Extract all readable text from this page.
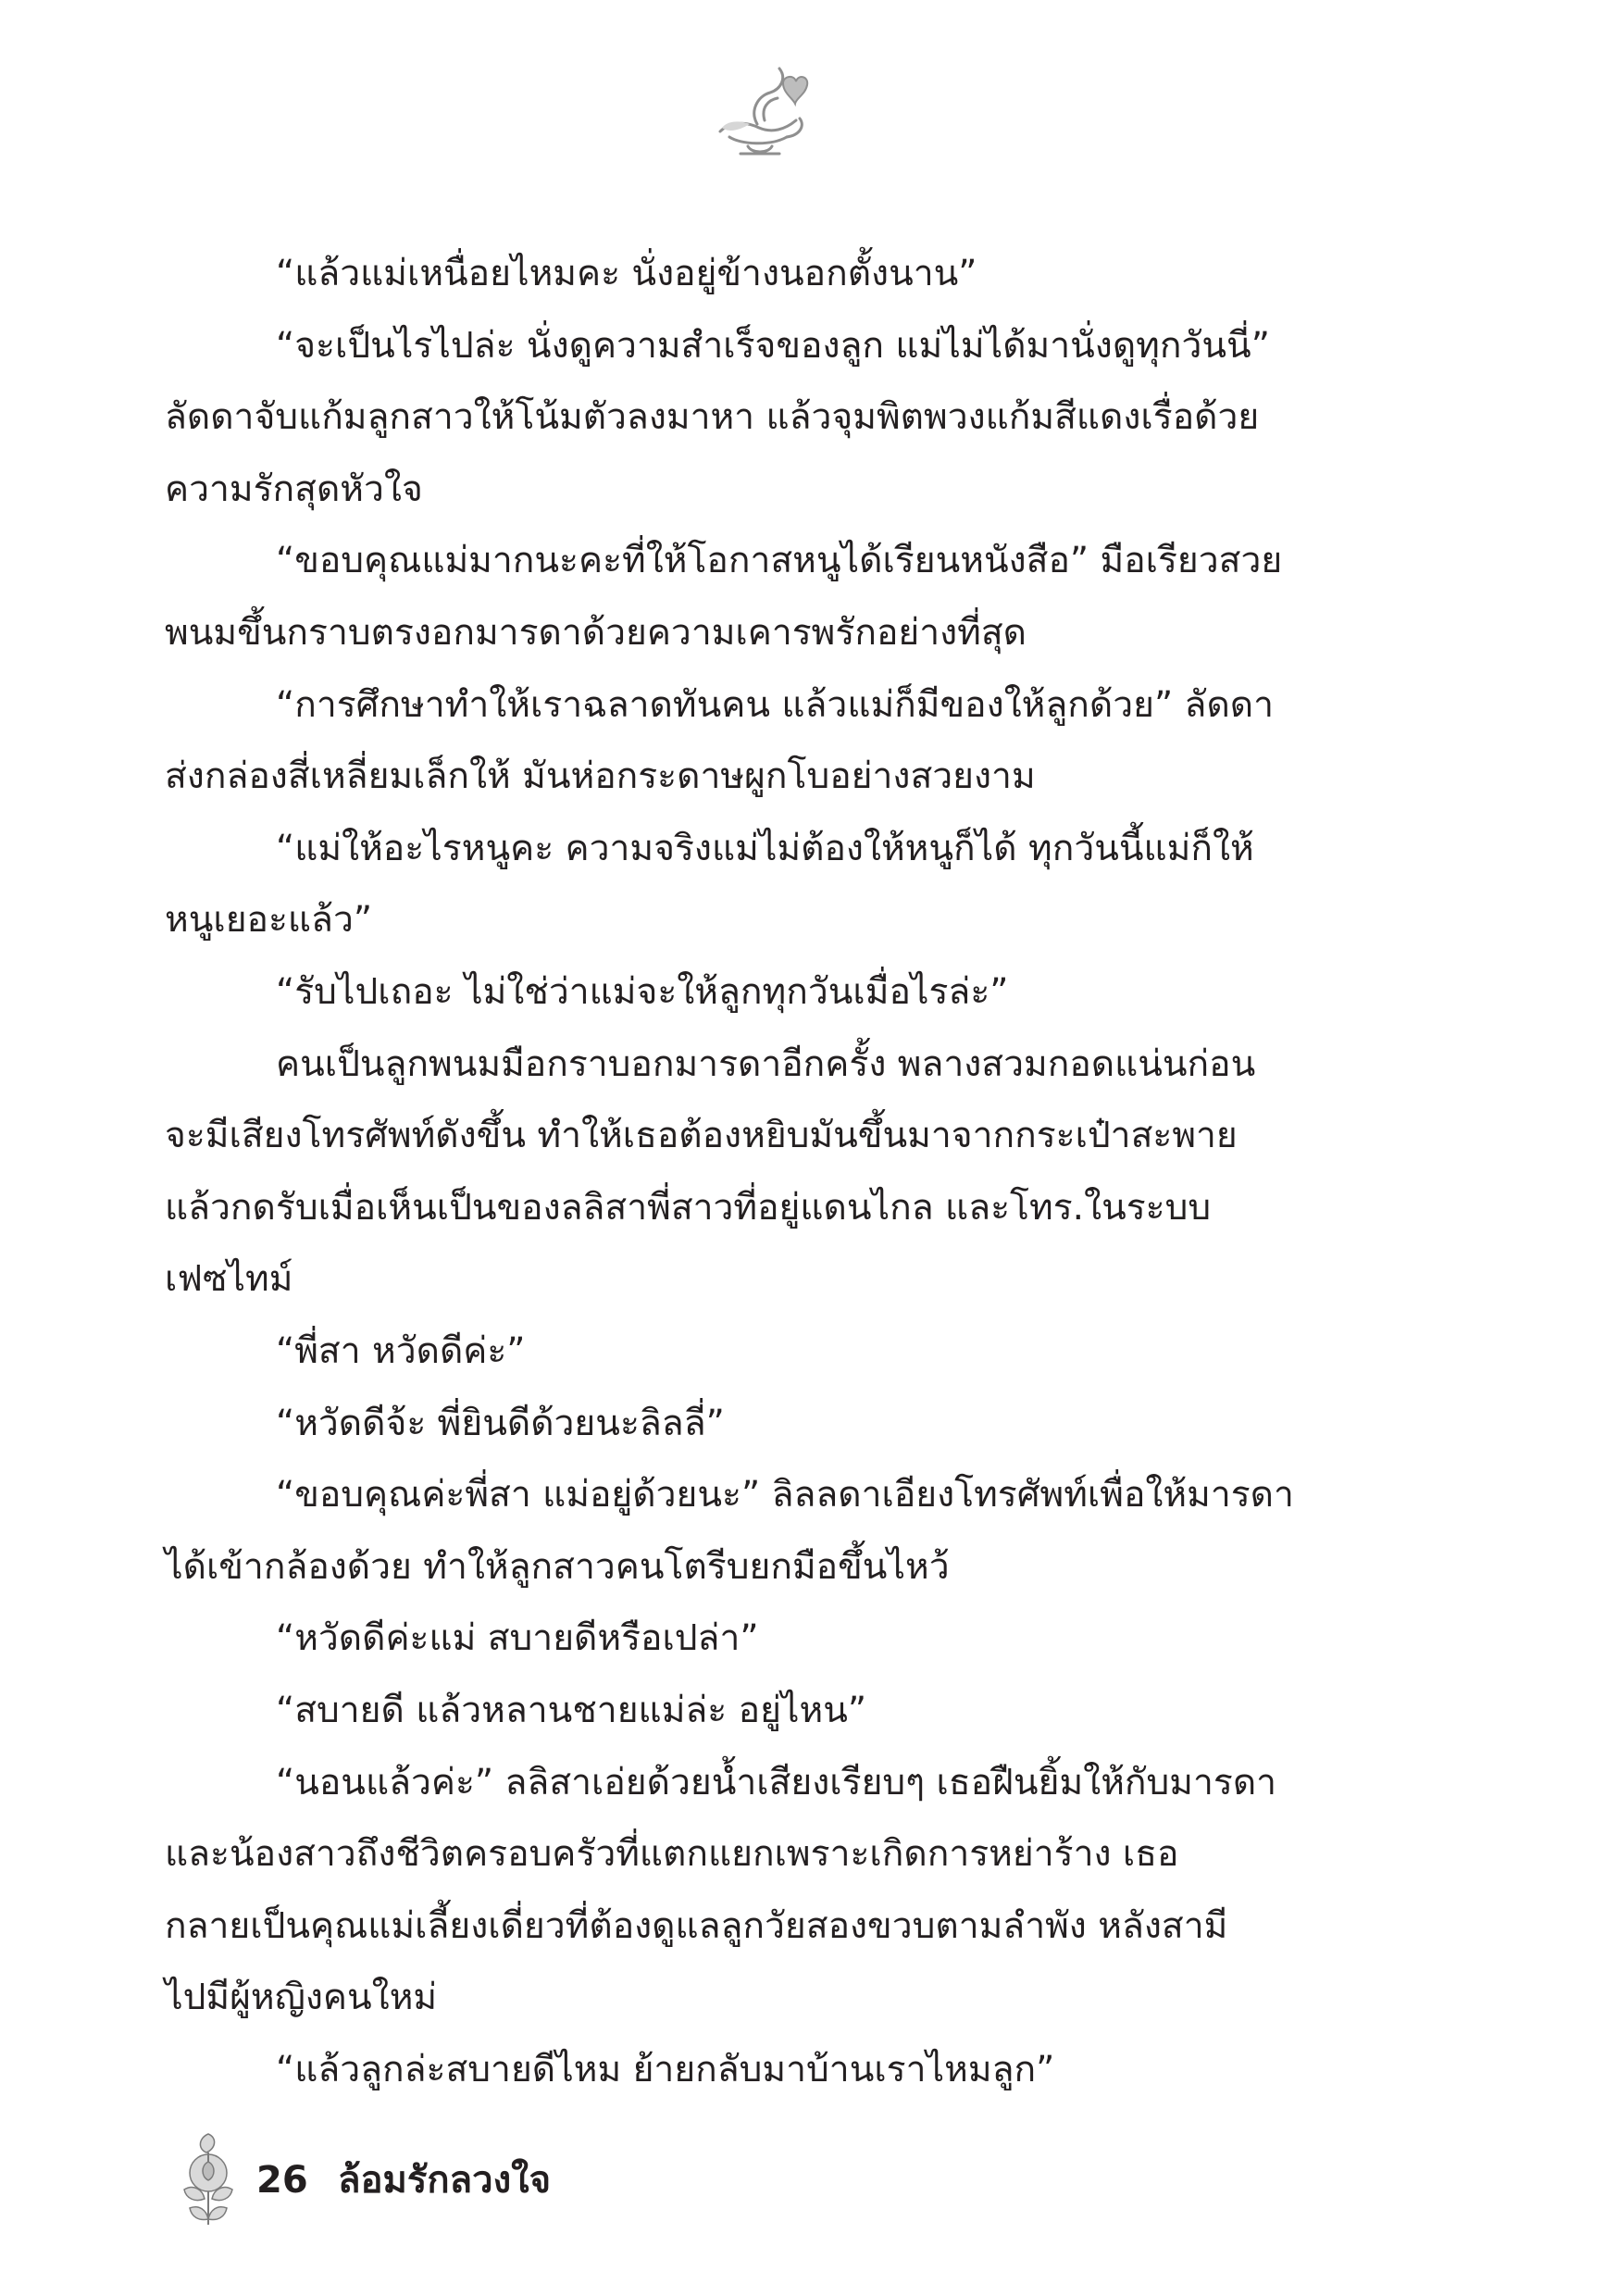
“แล้วแม่เหนื่อยไหมคะ นั่งอยู่ข้างนอกตั้งนาน”
“จะเป็นไรไปล่ะ นั่งดูความสำเร็จของลูก แม่ไม่ได้มานั่งดูทุกวันนี่”
ลัดดาจับแก้มลูกสาวให้โน้มตัวลงมาหา แล้วจุมพิตพวงแก้มสีแดงเรื่อด้วย
ความรักสุดหัวใจ
“ขอบคุณแม่มากนะคะที่ให้โอกาสหนูได้เรียนหนังสือ” มือเรียวสวย
พนมขึ้นกราบตรงอกมารดาด้วยความเคารพรักอย่างที่สุด
“การศึกษาทำให้เราฉลาดทันคน แล้วแม่ก็มีของให้ลูกด้วย” ลัดดา
ส่งกล่องสี่เหลี่ยมเล็กให้ มันห่อกระดาษผูกโบอย่างสวยงาม
“แม่ให้อะไรหนูคะ ความจริงแม่ไม่ต้องให้หนูก็ได้ ทุกวันนี้แม่ก็ให้
หนูเยอะแล้ว”
“รับไปเถอะ ไม่ใช่ว่าแม่จะให้ลูกทุกวันเมื่อไรล่ะ”
คนเป็นลูกพนมมือกราบอกมารดาอีกครั้ง พลางสวมกอดแน่นก่อน
จะมีเสียงโทรศัพท์ดังขึ้น ทำให้เธอต้องหยิบมันขึ้นมาจากกระเป๋าสะพาย
แล้วกดรับเมื่อเห็นเป็นของลลิสาพี่สาวที่อยู่แดนไกล และโทร.ในระบบ
เฟซไทม์
“พี่สา หวัดดีค่ะ”
“หวัดดีจ้ะ พี่ยินดีด้วยนะลิลลี่”
“ขอบคุณค่ะพี่สา แม่อยู่ด้วยนะ” ลิลลดาเอียงโทรศัพท์เพื่อให้มารดา
ได้เข้ากล้องด้วย ทำให้ลูกสาวคนโตรีบยกมือขึ้นไหว้
“หวัดดีค่ะแม่ สบายดีหรือเปล่า”
“สบายดี แล้วหลานชายแม่ล่ะ อยู่ไหน”
“นอนแล้วค่ะ” ลลิสาเอ่ยด้วยน้ำเสียงเรียบๆ เธอฝืนยิ้มให้กับมารดา
และน้องสาวถึงชีวิตครอบครัวที่แตกแยกเพราะเกิดการหย่าร้าง เธอ
กลายเป็นคุณแม่เลี้ยงเดี่ยวที่ต้องดูแลลูกวัยสองขวบตามลำพัง หลังสามี
ไปมีผู้หญิงคนใหม่
“แล้วลูกล่ะสบายดีไหม ย้ายกลับมาบ้านเราไหมลูก”
26 ล้อมรักลวงใจ
